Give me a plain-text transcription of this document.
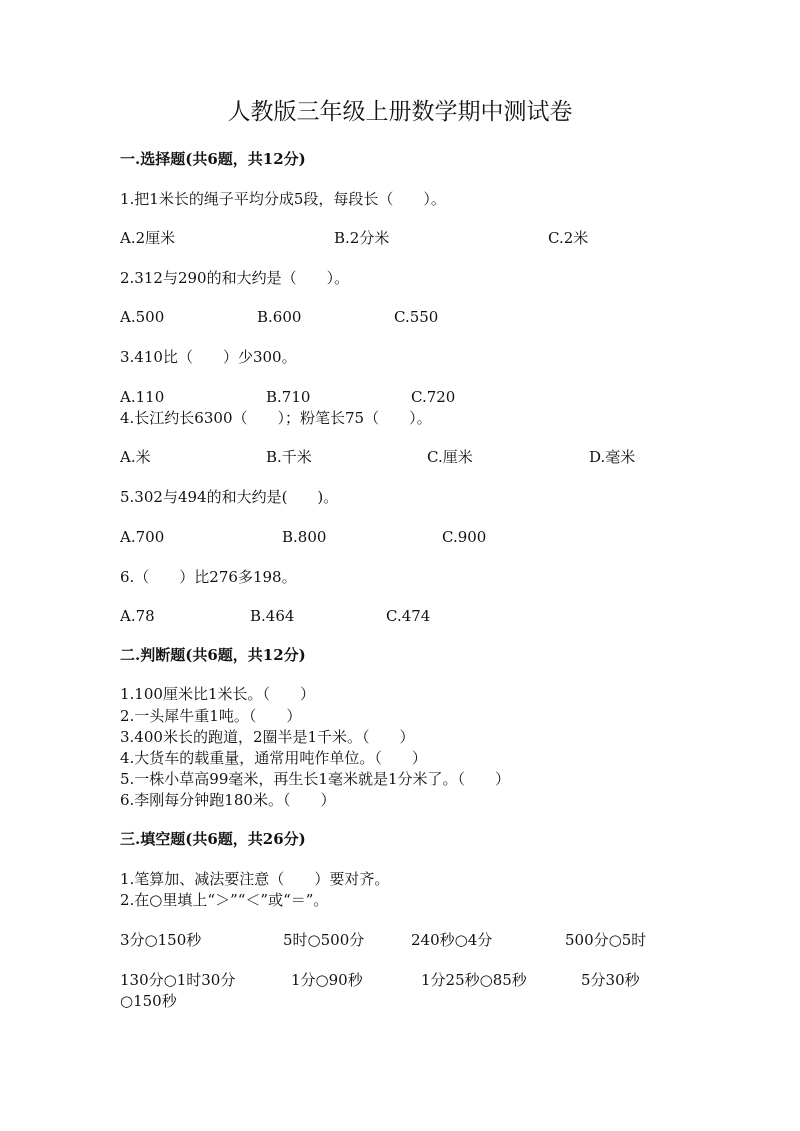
人教版三年级上册数学期中测试卷
一.选择题(共6题，共12分)
1.把1米长的绳子平均分成5段，每段长（　　）。
A.2厘米	B.2分米	C.2米
2.312与290的和大约是（　　）。
A.500	B.600	C.550
3.410比（　　）少300。
A.110	B.710	C.720
4.长江约长6300（　　）；粉笔长75（　　）。
A.米	B.千米	C.厘米	D.毫米
5.302与494的和大约是(　　)。
A.700	B.800	C.900
6.（　　）比276多198。
A.78	B.464	C.474
二.判断题(共6题，共12分)
1.100厘米比1米长。（　　）
2.一头犀牛重1吨。（　　）
3.400米长的跑道，2圈半是1千米。（　　）
4.大货车的载重量，通常用吨作单位。（　　）
5.一株小草高99毫米，再生长1毫米就是1分米了。（　　）
6.李刚每分钟跑180米。（　　）
三.填空题(共6题，共26分)
1.笔算加、减法要注意（　　）要对齐。
2.在○里填上“＞”“＜”或“＝”。
3分○150秒	5时○500分	240秒○4分	500分○5时
130分○1时30分	1分○90秒	1分25秒○85秒	5分30秒
○150秒
